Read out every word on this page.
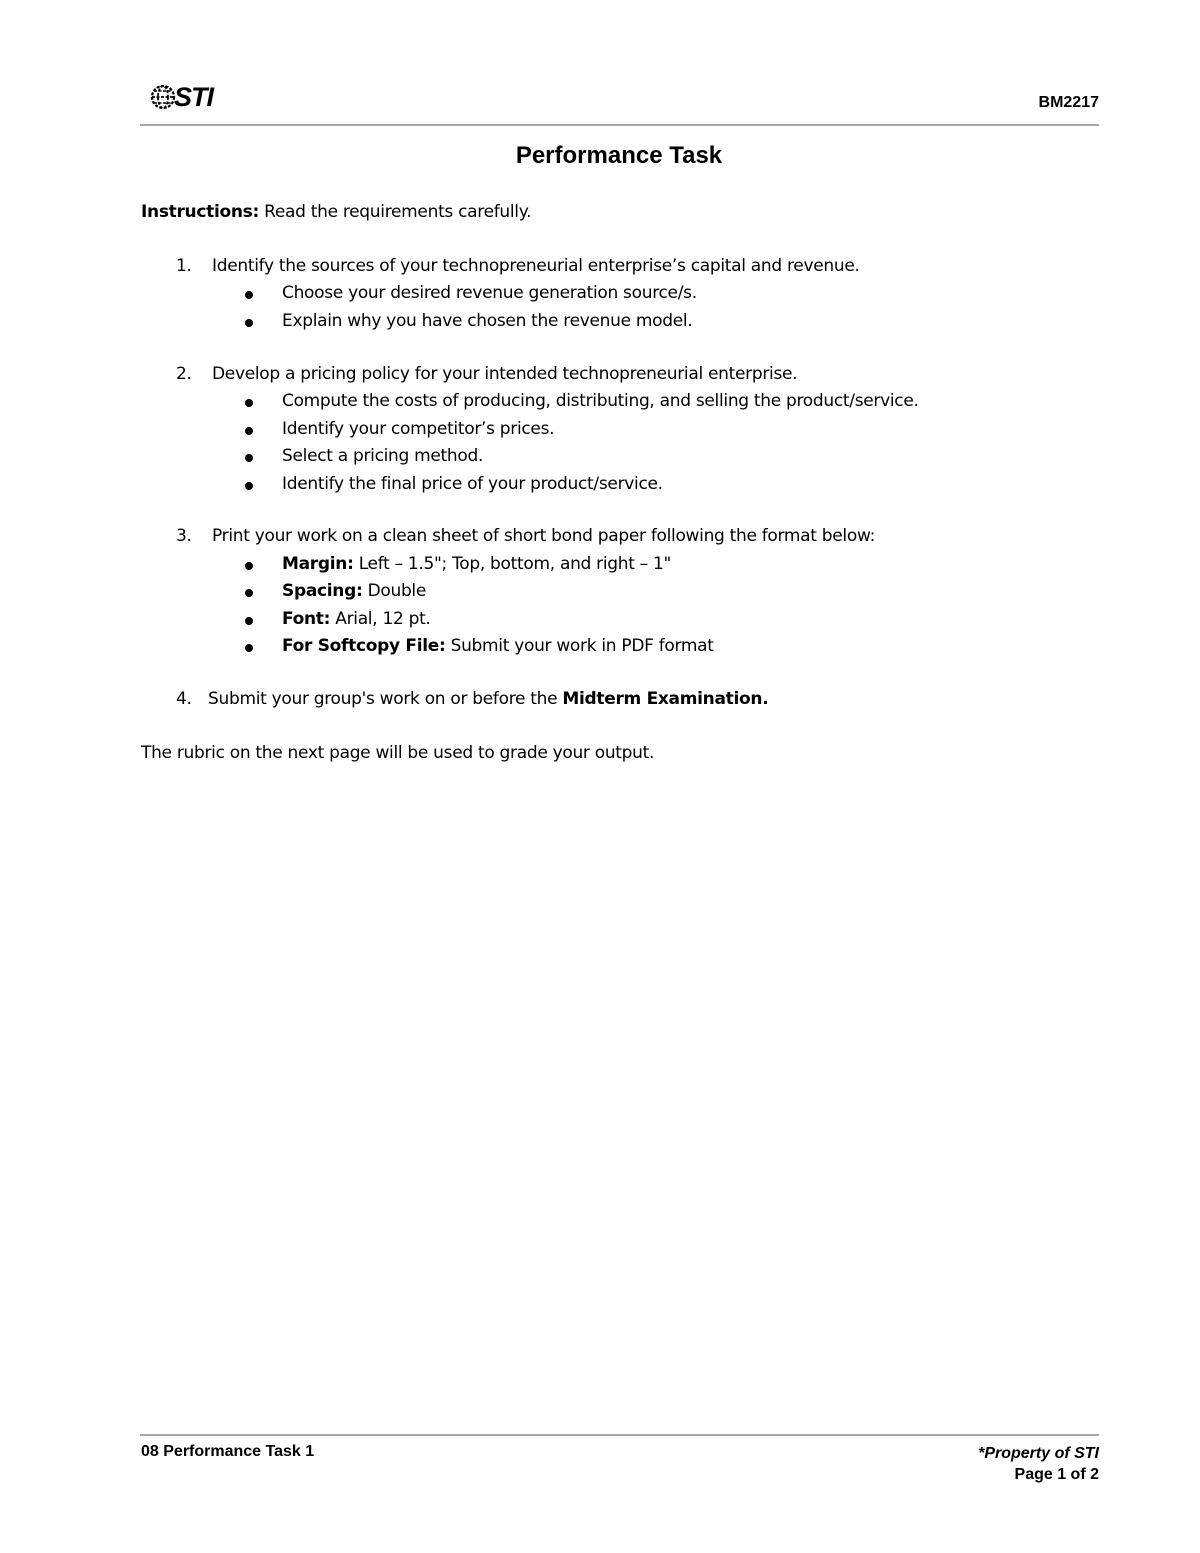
STI	BM2217
Performance Task
Instructions: Read the requirements carefully.
1. Identify the sources of your technopreneurial enterprise’s capital and revenue.
Choose your desired revenue generation source/s.
Explain why you have chosen the revenue model.
2. Develop a pricing policy for your intended technopreneurial enterprise.
Compute the costs of producing, distributing, and selling the product/service.
Identify your competitor’s prices.
Select a pricing method.
Identify the final price of your product/service.
3. Print your work on a clean sheet of short bond paper following the format below:
Margin: Left – 1.5"; Top, bottom, and right – 1"
Spacing: Double
Font: Arial, 12 pt.
For Softcopy File: Submit your work in PDF format
4. Submit your group's work on or before the Midterm Examination.
The rubric on the next page will be used to grade your output.
08 Performance Task 1	*Property of STI
Page 1 of 2
